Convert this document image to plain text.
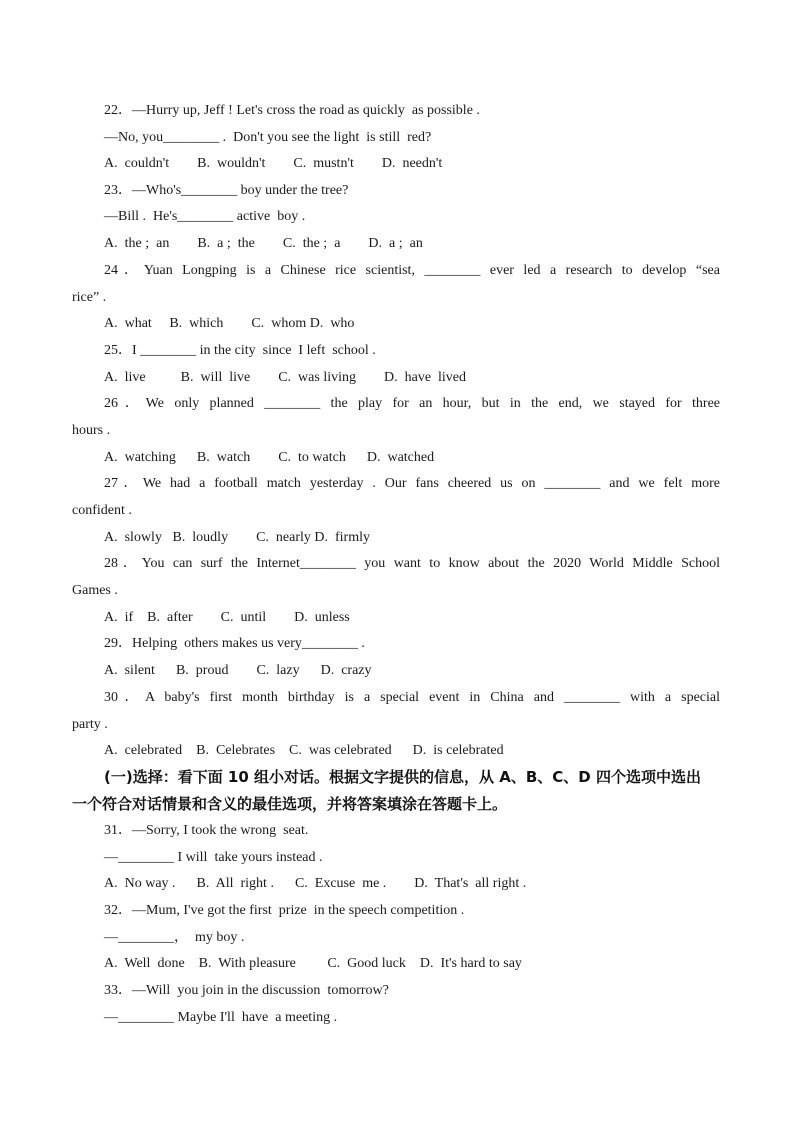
22．—Hurry up, Jeff ! Let's cross the road as quickly  as possible .
—No, you________ .  Don't you see the light  is still  red?
A.  couldn't        B.  wouldn't        C.  mustn't        D.  needn't
23．—Who's________ boy under the tree?
—Bill .  He's________ active  boy .
A.  the ;  an        B.  a ;  the        C.  the ;  a        D.  a ;  an
24．Yuan Longping is a Chinese rice scientist, ________ ever led a research to develop “sea
rice” .
A.  what     B.  which        C.  whom D.  who
25．I ________ in the city  since  I left  school .
A.  live          B.  will  live        C.  was living        D.  have  lived
26．We only planned ________ the play for an hour, but in the end, we stayed for three
hours .
A.  watching      B.  watch        C.  to watch      D.  watched
27．We had a football match yesterday . Our fans cheered us on ________ and we felt more
confident .
A.  slowly   B.  loudly        C.  nearly D.  firmly
28．You can surf the Internet________ you want to know about the 2020 World Middle School
Games .
A.  if    B.  after        C.  until        D.  unless
29．Helping  others makes us very________ .
A.  silent      B.  proud        C.  lazy      D.  crazy
30．A baby's first month birthday is a special event in China and ________ with a special
party .
A.  celebrated    B.  Celebrates    C.  was celebrated      D.  is celebrated
(一)选择：看下面 10 组小对话。根据文字提供的信息，从 A、B、C、D 四个选项中选出
一个符合对话情景和含义的最佳选项，并将答案填涂在答题卡上。
31．—Sorry, I took the wrong  seat.
—________ I will  take yours instead .
A.  No way .      B.  All  right .      C.  Excuse  me .        D.  That's  all right .
32．—Mum, I've got the first  prize  in the speech competition .
—________，  my boy .
A.  Well  done    B.  With pleasure         C.  Good luck    D.  It's hard to say
33．—Will  you join in the discussion  tomorrow?
—________ Maybe I'll  have  a meeting .
